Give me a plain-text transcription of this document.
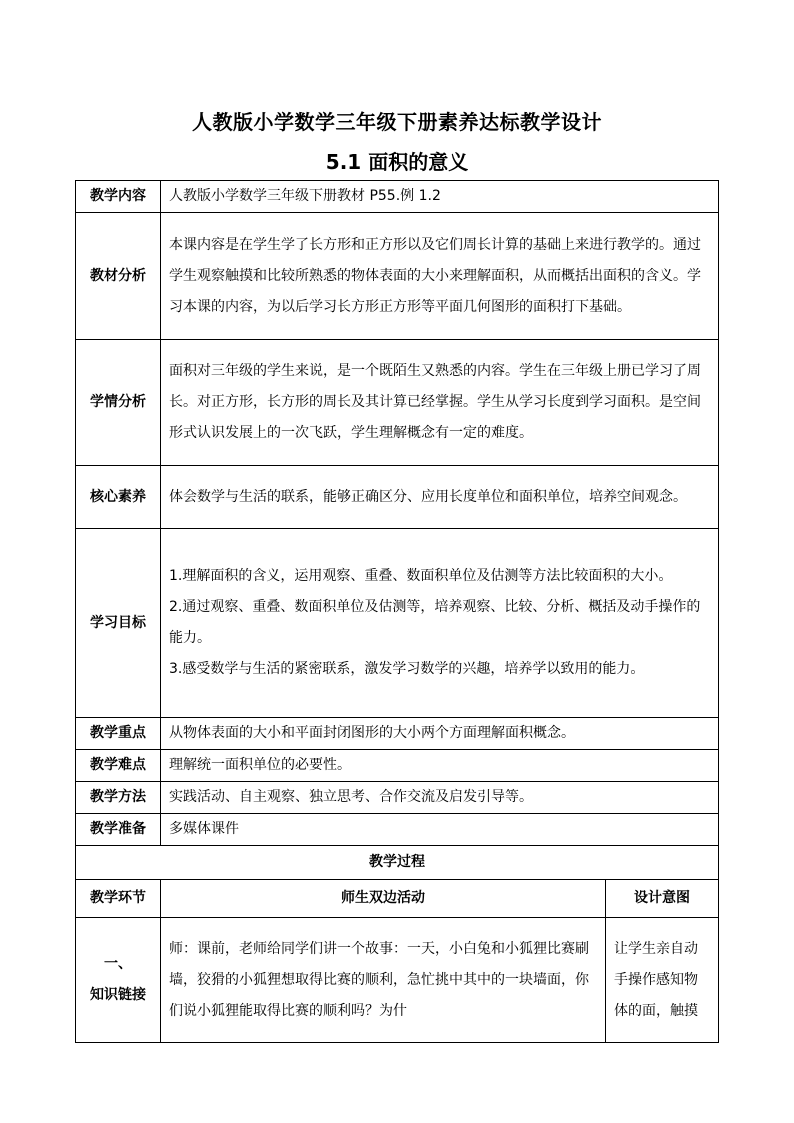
人教版小学数学三年级下册素养达标教学设计
5.1 面积的意义
教学内容	人教版小学数学三年级下册教材 P55.例 1.2	
教材分析	本课内容是在学生学了长方形和正方形以及它们周长计算的基础上来进行教学的。通过学生观察触摸和比较所熟悉的物体表面的大小来理解面积，从而概括出面积的含义。学习本课的内容，为以后学习长方形正方形等平面几何图形的面积打下基础。	
学情分析	面积对三年级的学生来说，是一个既陌生又熟悉的内容。学生在三年级上册已学习了周长。对正方形，长方形的周长及其计算已经掌握。学生从学习长度到学习面积。是空间形式认识发展上的一次飞跃，学生理解概念有一定的难度。	
核心素养	体会数学与生活的联系，能够正确区分、应用长度单位和面积单位，培养空间观念。	
学习目标	1.理解面积的含义，运用观察、重叠、数面积单位及估测等方法比较面积的大小。
2.通过观察、重叠、数面积单位及估测等，培养观察、比较、分析、概括及动手操作的能力。
3.感受数学与生活的紧密联系，激发学习数学的兴趣，培养学以致用的能力。	

教学重点	从物体表面的大小和平面封闭图形的大小两个方面理解面积概念。	
教学难点	理解统一面积单位的必要性。	
教学方法	实践活动、自主观察、独立思考、合作交流及启发引导等。	
教学准备	多媒体课件	
教学过程		
教学环节	师生双边活动	设计意图

一、
知识链接	师：课前，老师给同学们讲一个故事：一天，小白兔和小狐狸比赛刷墙，狡猾的小狐狸想取得比赛的顺利，急忙挑中其中的一块墙面，你们说小狐狸能取得比赛的顺利吗？为什	让学生亲自动手操作感知物体的面，触摸
